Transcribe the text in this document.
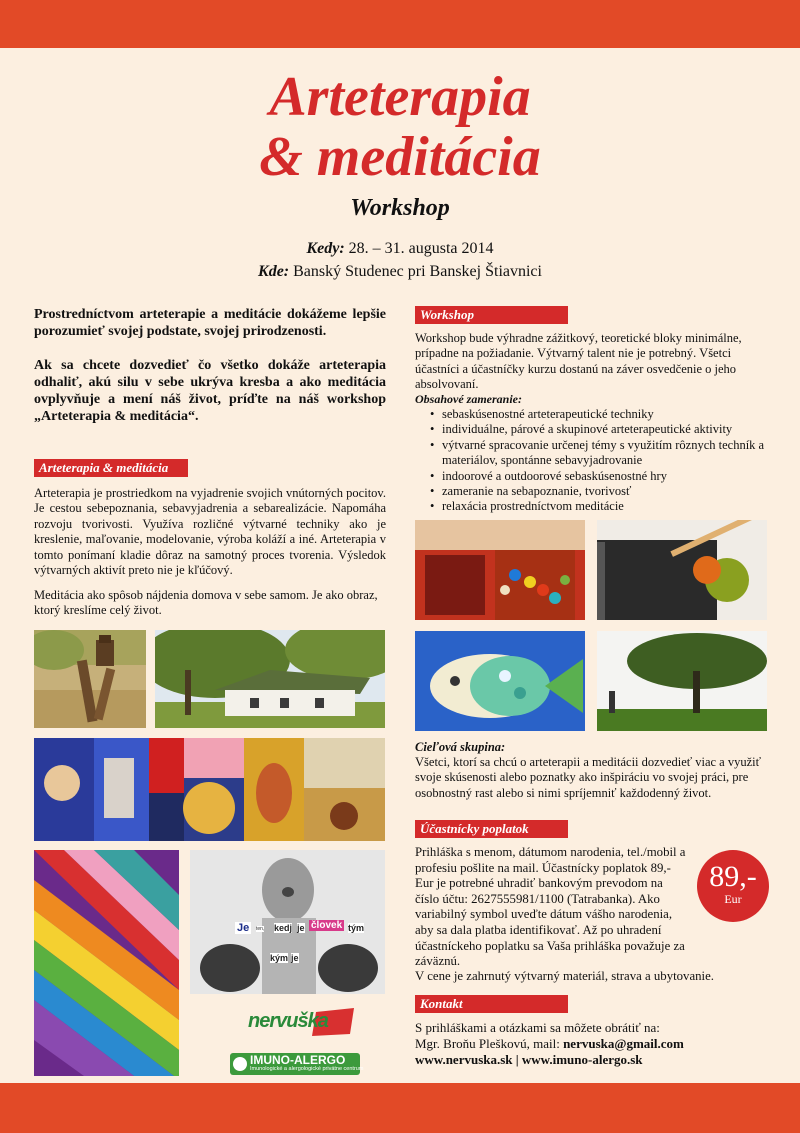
Arteterapia
& meditácia
Workshop
Kedy: 28. – 31. augusta 2014
Kde: Banský Studenec pri Banskej Štiavnici

Prostredníctvom arteterapie a meditácie dokážeme lepšie porozumieť svojej podstate, svojej prirodzenosti.

Ak sa chcete dozvedieť čo všetko dokáže arteterapia odhaliť, akú silu v sebe ukrýva kresba a ako meditácia ovplyvňuje a mení náš život, príďte na náš workshop „Arteterapia & meditácia“.

Arteterapia & meditácia

Arteterapia je prostriedkom na vyjadrenie svojich vnútorných pocitov. Je cestou sebepoznania, sebavyjadrenia a sebarealizácie. Napomáha rozvoju tvorivosti. Využíva rozličné výtvarné techniky ako je kreslenie, maľovanie, modelovanie, výroba koláží a iné. Arteterapia v tomto ponímaní kladie dôraz na samotný proces tvorenia. Výsledok výtvarných aktivít preto nie je kľúčový.

Meditácia ako spôsob nájdenia domova v sebe samom. Je ako obraz, ktorý kreslíme celý život.

Je	ten, kedj je človek tým
kým je
nervuška
IMUNO-ALERGO
Imunologické a alergologické privátne centrum
Workshop

Workshop bude výhradne zážitkový, teoretické bloky minimálne, prípadne na požiadanie. Výtvarný talent nie je potrebný. Všetci účastníci a účastníčky kurzu dostanú na záver osvedčenie o jeho absolvovaní.

Obsahové zameranie:
• sebaskúsenostné arteterapeutické techniky
• individuálne, párové a skupinové arteterapeutické aktivity
• výtvarné spracovanie určenej témy s využitím rôznych techník a materiálov, spontánne sebavyjadrovanie
• indoorové a outdoorové sebaskúsenostné hry
• zameranie na sebapoznanie, tvorivosť
• relaxácia prostredníctvom meditácie
Cieľová skupina:

Všetci, ktorí sa chcú o arteterapii a meditácii dozvedieť viac a využiť svoje skúsenosti alebo poznatky ako inšpiráciu vo svojej práci, pre osobnostný rast alebo si nimi spríjemniť každodenný život.

Účastnícky poplatok

Prihláška s menom, dátumom narodenia, tel./mobil a profesiu pošlite na mail. Účastnícky poplatok 89,- Eur je potrebné uhradiť bankovým prevodom na číslo účtu: 2627555981/1100 (Tatrabanka). Ako variabilný symbol uveďte dátum vášho narodenia, aby sa dala platba identifikovať. Až po uhradení účastníckeho poplatku sa Vaša prihláška považuje za záväznú.

89,-
Eur

V cene je zahrnutý výtvarný materiál, strava a ubytovanie.

Kontakt
S prihláškami a otázkami sa môžete obrátiť na:
Mgr. Broňu Pleškovú, mail: nervuska@gmail.com
www.nervuska.sk | www.imuno-alergo.sk
